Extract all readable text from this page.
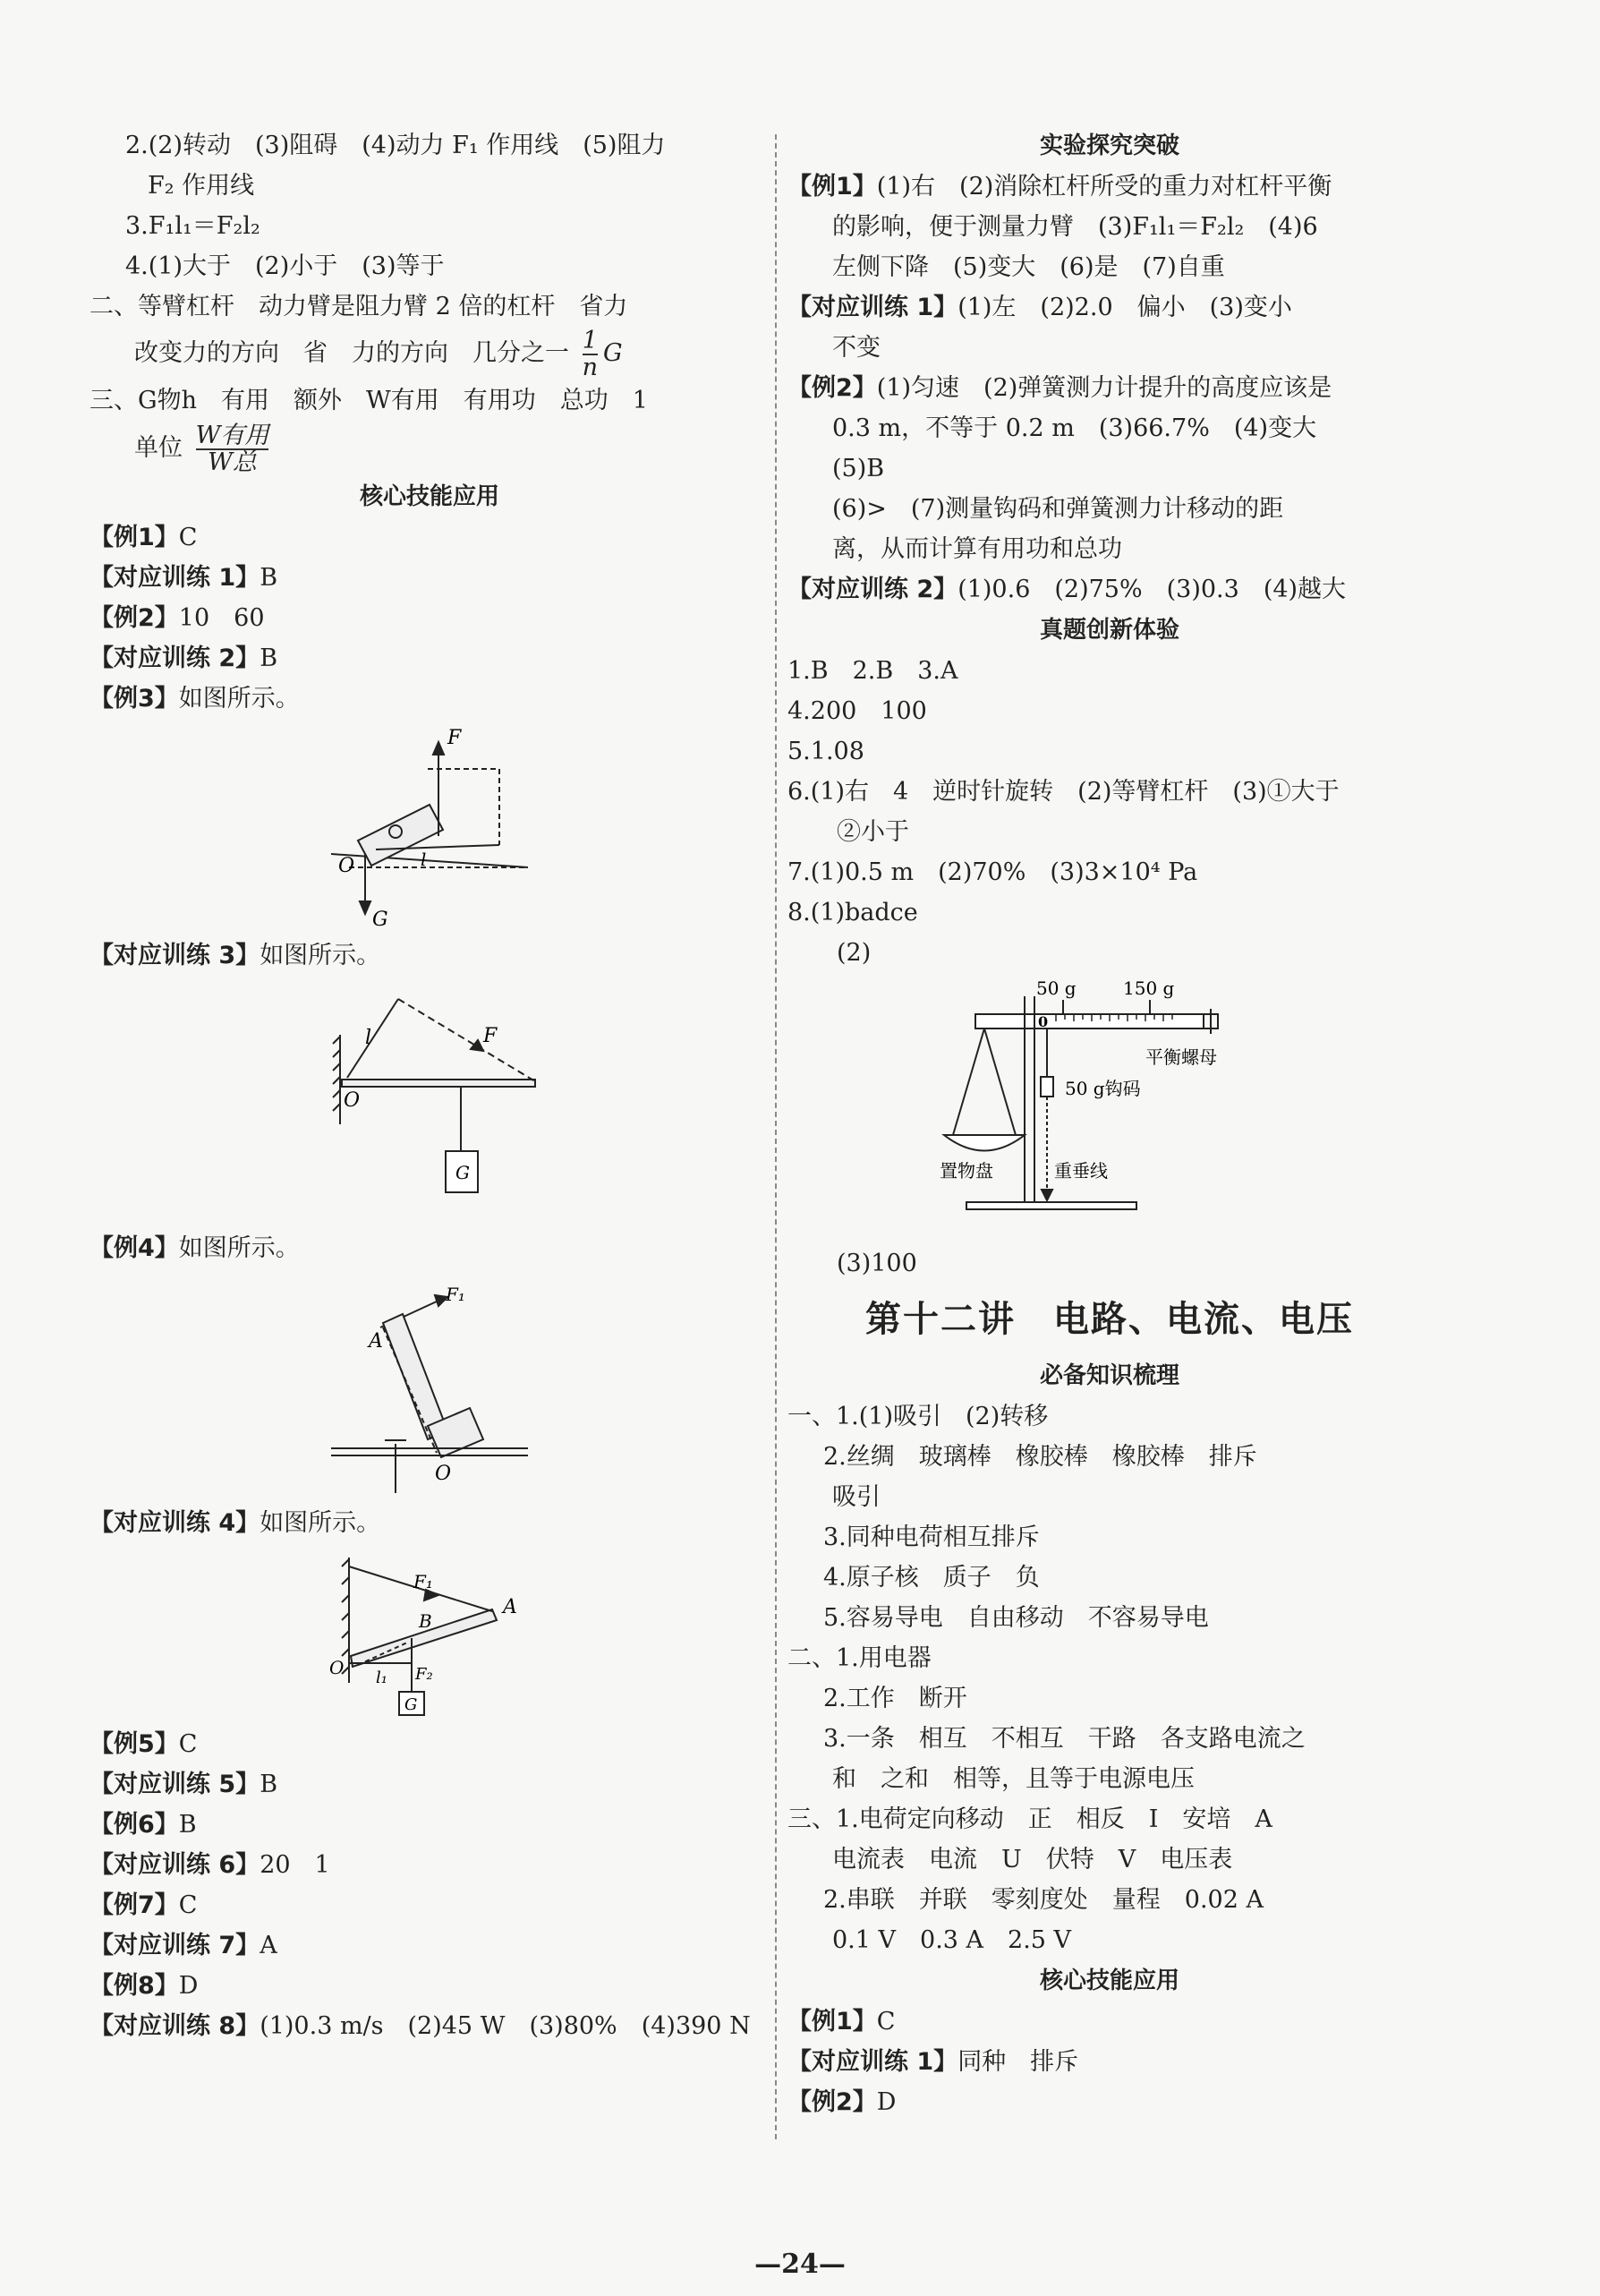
2.(2)转动　(3)阻碍　(4)动力 F₁ 作用线　(5)阻力
F₂ 作用线
3.F₁l₁＝F₂l₂
4.(1)大于　(2)小于　(3)等于
二、等臂杠杆　动力臂是阻力臂 2 倍的杠杆　省力
改变力的方向　省　力的方向　几分之一 $\frac{1}{n}$ G
三、G物h　有用　额外　W有用　有用功　总功　1
单位 $\frac{\text{W有用}}{\text{W总}}$
核心技能应用
【例1】C
【对应训练 1】B
【例2】10　60
【对应训练 2】B
【例3】如图所示。
F
O	l
G
【对应训练 3】如图所示。
l	F
O
G
【例4】如图所示。
F₁
A
O
【对应训练 4】如图所示。
F₁
A
B
O l₁ F₂
G
【例5】C
【对应训练 5】B
【例6】B
【对应训练 6】20　1
【例7】C
【对应训练 7】A
【例8】D
【对应训练 8】(1)0.3 m/s　(2)45 W　(3)80%　(4)390 N
实验探究突破
【例1】(1)右　(2)消除杠杆所受的重力对杠杆平衡
的影响，便于测量力臂　(3)F₁l₁＝F₂l₂　(4)6
左侧下降　(5)变大　(6)是　(7)自重
【对应训练 1】(1)左　(2)2.0　偏小　(3)变小
不变
【例2】(1)匀速　(2)弹簧测力计提升的高度应该是
0.3 m，不等于 0.2 m　(3)66.7%　(4)变大
(5)B
(6)>　(7)测量钩码和弹簧测力计移动的距
离，从而计算有用功和总功
【对应训练 2】(1)0.6　(2)75%　(3)0.3　(4)越大
真题创新体验
1.B　2.B　3.A
4.200　100
5.1.08
6.(1)右　4　逆时针旋转　(2)等臂杠杆　(3)①大于
②小于
7.(1)0.5 m　(2)70%　(3)3×10⁴ Pa
8.(1)badce
(2)
50 g	150 g
0
平衡螺母
50 g钩码
置物盘	重垂线
(3)100
第十二讲　电路、电流、电压
必备知识梳理
一、1.(1)吸引　(2)转移
2.丝绸　玻璃棒　橡胶棒　橡胶棒　排斥
吸引
3.同种电荷相互排斥
4.原子核　质子　负
5.容易导电　自由移动　不容易导电
二、1.用电器
2.工作　断开
3.一条　相互　不相互　干路　各支路电流之
和　之和　相等，且等于电源电压
三、1.电荷定向移动　正　相反　I　安培　A
电流表　电流　U　伏特　V　电压表
2.串联　并联　零刻度处　量程　0.02 A
0.1 V　0.3 A　2.5 V
核心技能应用
【例1】C
【对应训练 1】同种　排斥
【例2】D
—24—
